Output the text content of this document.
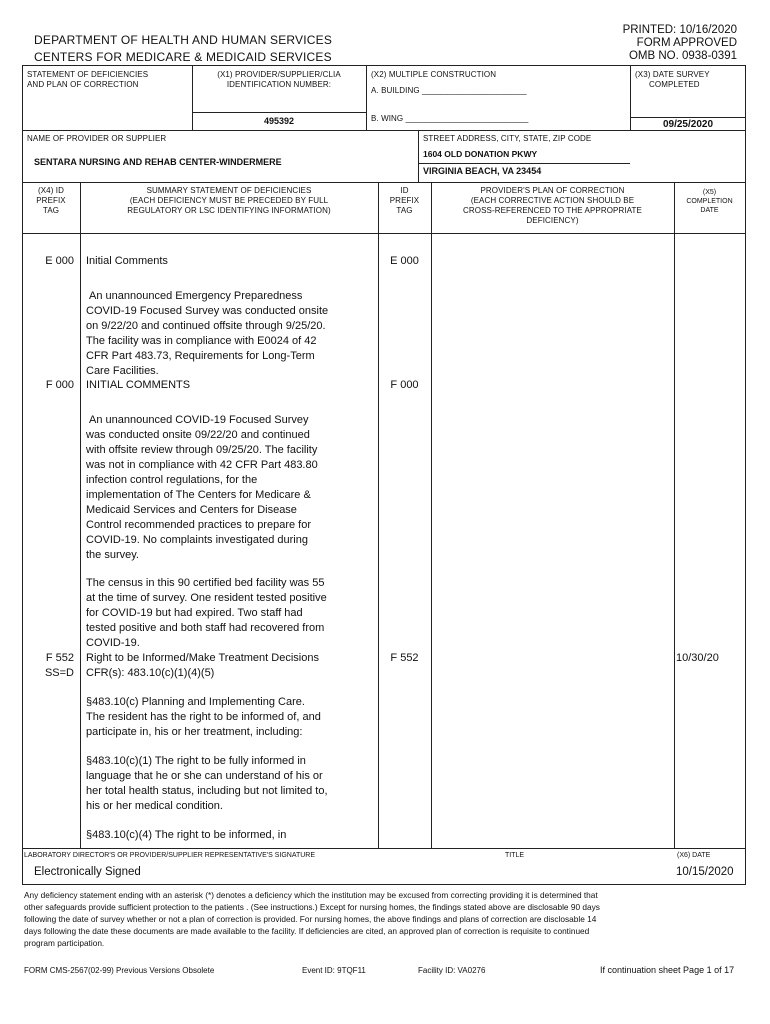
DEPARTMENT OF HEALTH AND HUMAN SERVICES
CENTERS FOR MEDICARE & MEDICAID SERVICES
PRINTED: 10/16/2020
FORM APPROVED
OMB NO. 0938-0391
STATEMENT OF DEFICIENCIES
AND PLAN OF CORRECTION
(X1) PROVIDER/SUPPLIER/CLIA
IDENTIFICATION NUMBER:
495392
(X2) MULTIPLE CONSTRUCTION
A. BUILDING _______________________
B. WING ___________________________
(X3) DATE SURVEY
COMPLETED
09/25/2020
NAME OF PROVIDER OR SUPPLIER
SENTARA NURSING AND REHAB CENTER-WINDERMERE
STREET ADDRESS, CITY, STATE, ZIP CODE
1604 OLD DONATION PKWY
VIRGINIA BEACH, VA 23454
(X4) ID
PREFIX
TAG
SUMMARY STATEMENT OF DEFICIENCIES
(EACH DEFICIENCY MUST BE PRECEDED BY FULL
REGULATORY OR LSC IDENTIFYING INFORMATION)
ID
PREFIX
TAG
PROVIDER'S PLAN OF CORRECTION
(EACH CORRECTIVE ACTION SHOULD BE
CROSS-REFERENCED TO THE APPROPRIATE
DEFICIENCY)
(X5)
COMPLETION
DATE
E 000 Initial Comments	E 000
An unannounced Emergency Preparedness
COVID-19 Focused Survey was conducted onsite
on 9/22/20 and continued offsite through 9/25/20.
The facility was in compliance with E0024 of 42
CFR Part 483.73, Requirements for Long-Term
Care Facilities.
F 000 INITIAL COMMENTS	F 000
An unannounced COVID-19 Focused Survey
was conducted onsite 09/22/20 and continued
with offsite review through 09/25/20. The facility
was not in compliance with 42 CFR Part 483.80
infection control regulations, for the
implementation of The Centers for Medicare &
Medicaid Services and Centers for Disease
Control recommended practices to prepare for
COVID-19. No complaints investigated during
the survey.
The census in this 90 certified bed facility was 55
at the time of survey. One resident tested positive
for COVID-19 but had expired. Two staff had
tested positive and both staff had recovered from
COVID-19.
F 552
SS=D
Right to be Informed/Make Treatment Decisions
CFR(s): 483.10(c)(1)(4)(5)
F 552	10/30/20
§483.10(c) Planning and Implementing Care.
The resident has the right to be informed of, and
participate in, his or her treatment, including:
§483.10(c)(1) The right to be fully informed in
language that he or she can understand of his or
her total health status, including but not limited to,
his or her medical condition.
§483.10(c)(4) The right to be informed, in
LABORATORY DIRECTOR'S OR PROVIDER/SUPPLIER REPRESENTATIVE'S SIGNATURE
Electronically Signed
TITLE	(X6) DATE
10/15/2020
Any deficiency statement ending with an asterisk (*) denotes a deficiency which the institution may be excused from correcting providing it is determined that
other safeguards provide sufficient protection to the patients . (See instructions.) Except for nursing homes, the findings stated above are disclosable 90 days
following the date of survey whether or not a plan of correction is provided. For nursing homes, the above findings and plans of correction are disclosable 14
days following the date these documents are made available to the facility. If deficiencies are cited, an approved plan of correction is requisite to continued
program participation.
FORM CMS-2567(02-99) Previous Versions Obsolete	Event ID: 9TQF11	Facility ID: VA0276	If continuation sheet Page 1 of 17
